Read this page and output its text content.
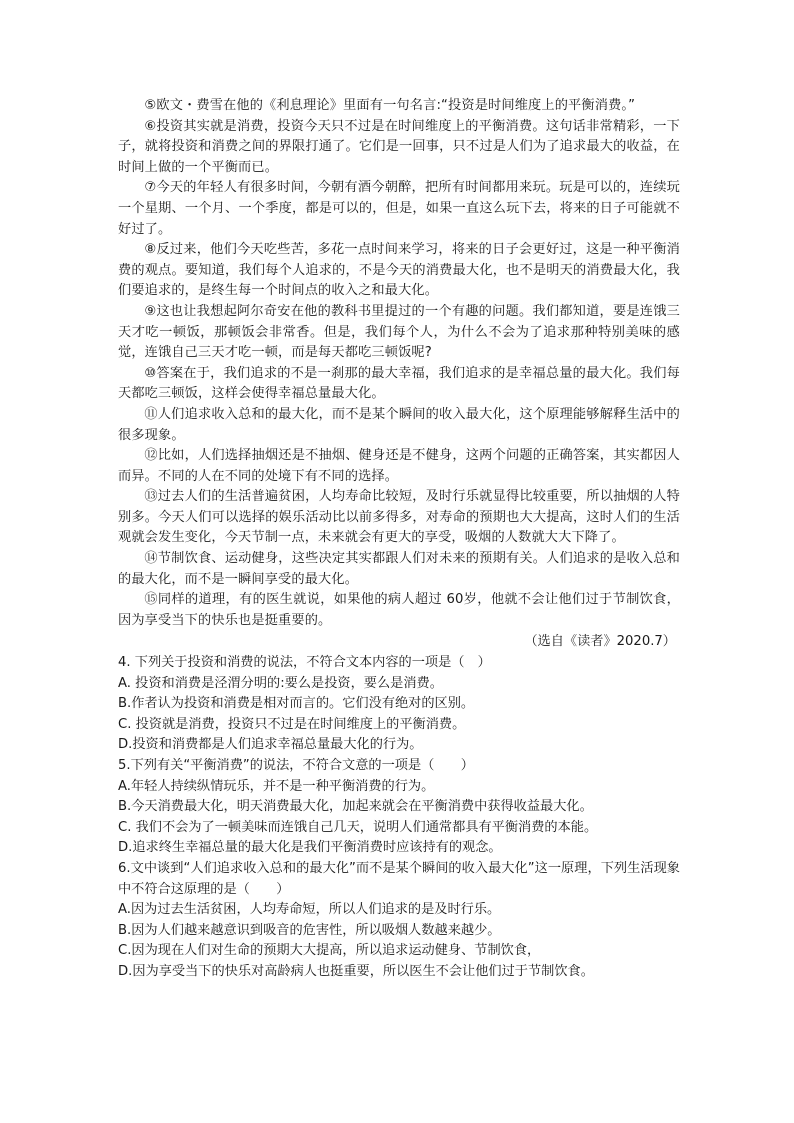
⑤欧文・费雪在他的《利息理论》里面有一句名言:“投资是时间维度上的平衡消费。”

⑥投资其实就是消费，投资今天只不过是在时间维度上的平衡消费。这句话非常精彩，一下子，就将投资和消费之间的界限打通了。它们是一回事，只不过是人们为了追求最大的收益，在时间上做的一个平衡而已。

⑦今天的年轻人有很多时间，今朝有酒今朝醉，把所有时间都用来玩。玩是可以的，连续玩一个星期、一个月、一个季度，都是可以的，但是，如果一直这么玩下去，将来的日子可能就不好过了。

⑧反过来，他们今天吃些苦，多花一点时间来学习，将来的日子会更好过，这是一种平衡消费的观点。要知道，我们每个人追求的，不是今天的消费最大化，也不是明天的消费最大化，我们要追求的，是终生每一个时间点的收入之和最大化。

⑨这也让我想起阿尔奇安在他的教科书里提过的一个有趣的问题。我们都知道，要是连饿三天才吃一顿饭，那顿饭会非常香。但是，我们每个人，为什么不会为了追求那种特别美味的感觉，连饿自己三天才吃一顿，而是每天都吃三顿饭呢?

⑩答案在于，我们追求的不是一刹那的最大幸福，我们追求的是幸福总量的最大化。我们每天都吃三顿饭，这样会使得幸福总量最大化。

⑪人们追求收入总和的最大化，而不是某个瞬间的收入最大化，这个原理能够解释生活中的很多现象。

⑫比如，人们选择抽烟还是不抽烟、健身还是不健身，这两个问题的正确答案，其实都因人而异。不同的人在不同的处境下有不同的选择。

⑬过去人们的生活普遍贫困，人均寿命比较短，及时行乐就显得比较重要，所以抽烟的人特别多。今天人们可以选择的娱乐活动比以前多得多，对寿命的预期也大大提高，这时人们的生活观就会发生变化，今天节制一点，未来就会有更大的享受，吸烟的人数就大大下降了。

⑭节制饮食、运动健身，这些决定其实都跟人们对未来的预期有关。人们追求的是收入总和的最大化，而不是一瞬间享受的最大化。

⑮同样的道理，有的医生就说，如果他的病人超过 60岁，他就不会让他们过于节制饮食，因为享受当下的快乐也是挺重要的。

（选自《读者》2020.7）

4. 下列关于投资和消费的说法，不符合文本内容的一项是（　）

A. 投资和消费是泾渭分明的:要么是投资，要么是消费。

B.作者认为投资和消费是相对而言的。它们没有绝对的区别。

C. 投资就是消费，投资只不过是在时间维度上的平衡消费。

D.投资和消费都是人们追求幸福总量最大化的行为。

5.下列有关“平衡消费”的说法，不符合文意的一项是（　　）

A.年轻人持续纵情玩乐，并不是一种平衡消费的行为。

B.今天消费最大化，明天消费最大化，加起来就会在平衡消费中获得收益最大化。

C. 我们不会为了一顿美味而连饿自己几天，说明人们通常都具有平衡消费的本能。

D.追求终生幸福总量的最大化是我们平衡消费时应该持有的观念。

6.文中谈到“人们追求收入总和的最大化”而不是某个瞬间的收入最大化”这一原理，下列生活现象中不符合这原理的是（　　）

A.因为过去生活贫困，人均寿命短，所以人们追求的是及时行乐。

B.因为人们越来越意识到吸音的危害性，所以吸烟人数越来越少。

C.因为现在人们对生命的预期大大提高，所以追求运动健身、节制饮食，

D.因为享受当下的快乐对高龄病人也挺重要，所以医生不会让他们过于节制饮食。
